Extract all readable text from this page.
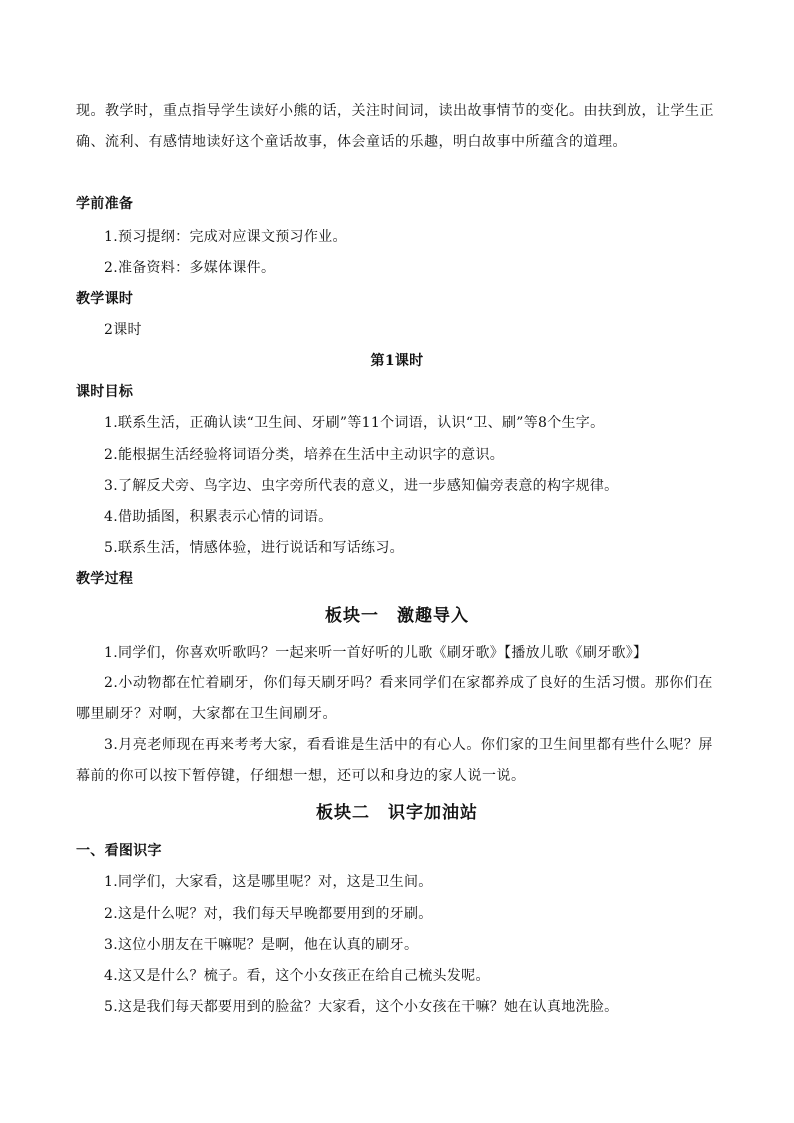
现。教学时，重点指导学生读好小熊的话，关注时间词，读出故事情节的变化。由扶到放，让学生正确、流利、有感情地读好这个童话故事，体会童话的乐趣，明白故事中所蕴含的道理。

学前准备
1.预习提纲：完成对应课文预习作业。
2.准备资料：多媒体课件。
教学课时
2课时
第1课时
课时目标
1.联系生活，正确认读“卫生间、牙刷”等11个词语，认识“卫、刷”等8个生字。
2.能根据生活经验将词语分类，培养在生活中主动识字的意识。
3.了解反犬旁、鸟字边、虫字旁所代表的意义，进一步感知偏旁表意的构字规律。
4.借助插图，积累表示心情的词语。
5.联系生活，情感体验，进行说话和写话练习。
教学过程
板块一　激趣导入
1.同学们，你喜欢听歌吗？一起来听一首好听的儿歌《刷牙歌》【播放儿歌《刷牙歌》】

2.小动物都在忙着刷牙，你们每天刷牙吗？看来同学们在家都养成了良好的生活习惯。那你们在哪里刷牙？对啊，大家都在卫生间刷牙。

3.月亮老师现在再来考考大家，看看谁是生活中的有心人。你们家的卫生间里都有些什么呢？屏幕前的你可以按下暂停键，仔细想一想，还可以和身边的家人说一说。

板块二　识字加油站
一、看图识字
1.同学们，大家看，这是哪里呢？对，这是卫生间。
2.这是什么呢？对，我们每天早晚都要用到的牙刷。
3.这位小朋友在干嘛呢？是啊，他在认真的刷牙。
4.这又是什么？梳子。看，这个小女孩正在给自己梳头发呢。
5.这是我们每天都要用到的脸盆？大家看，这个小女孩在干嘛？她在认真地洗脸。
